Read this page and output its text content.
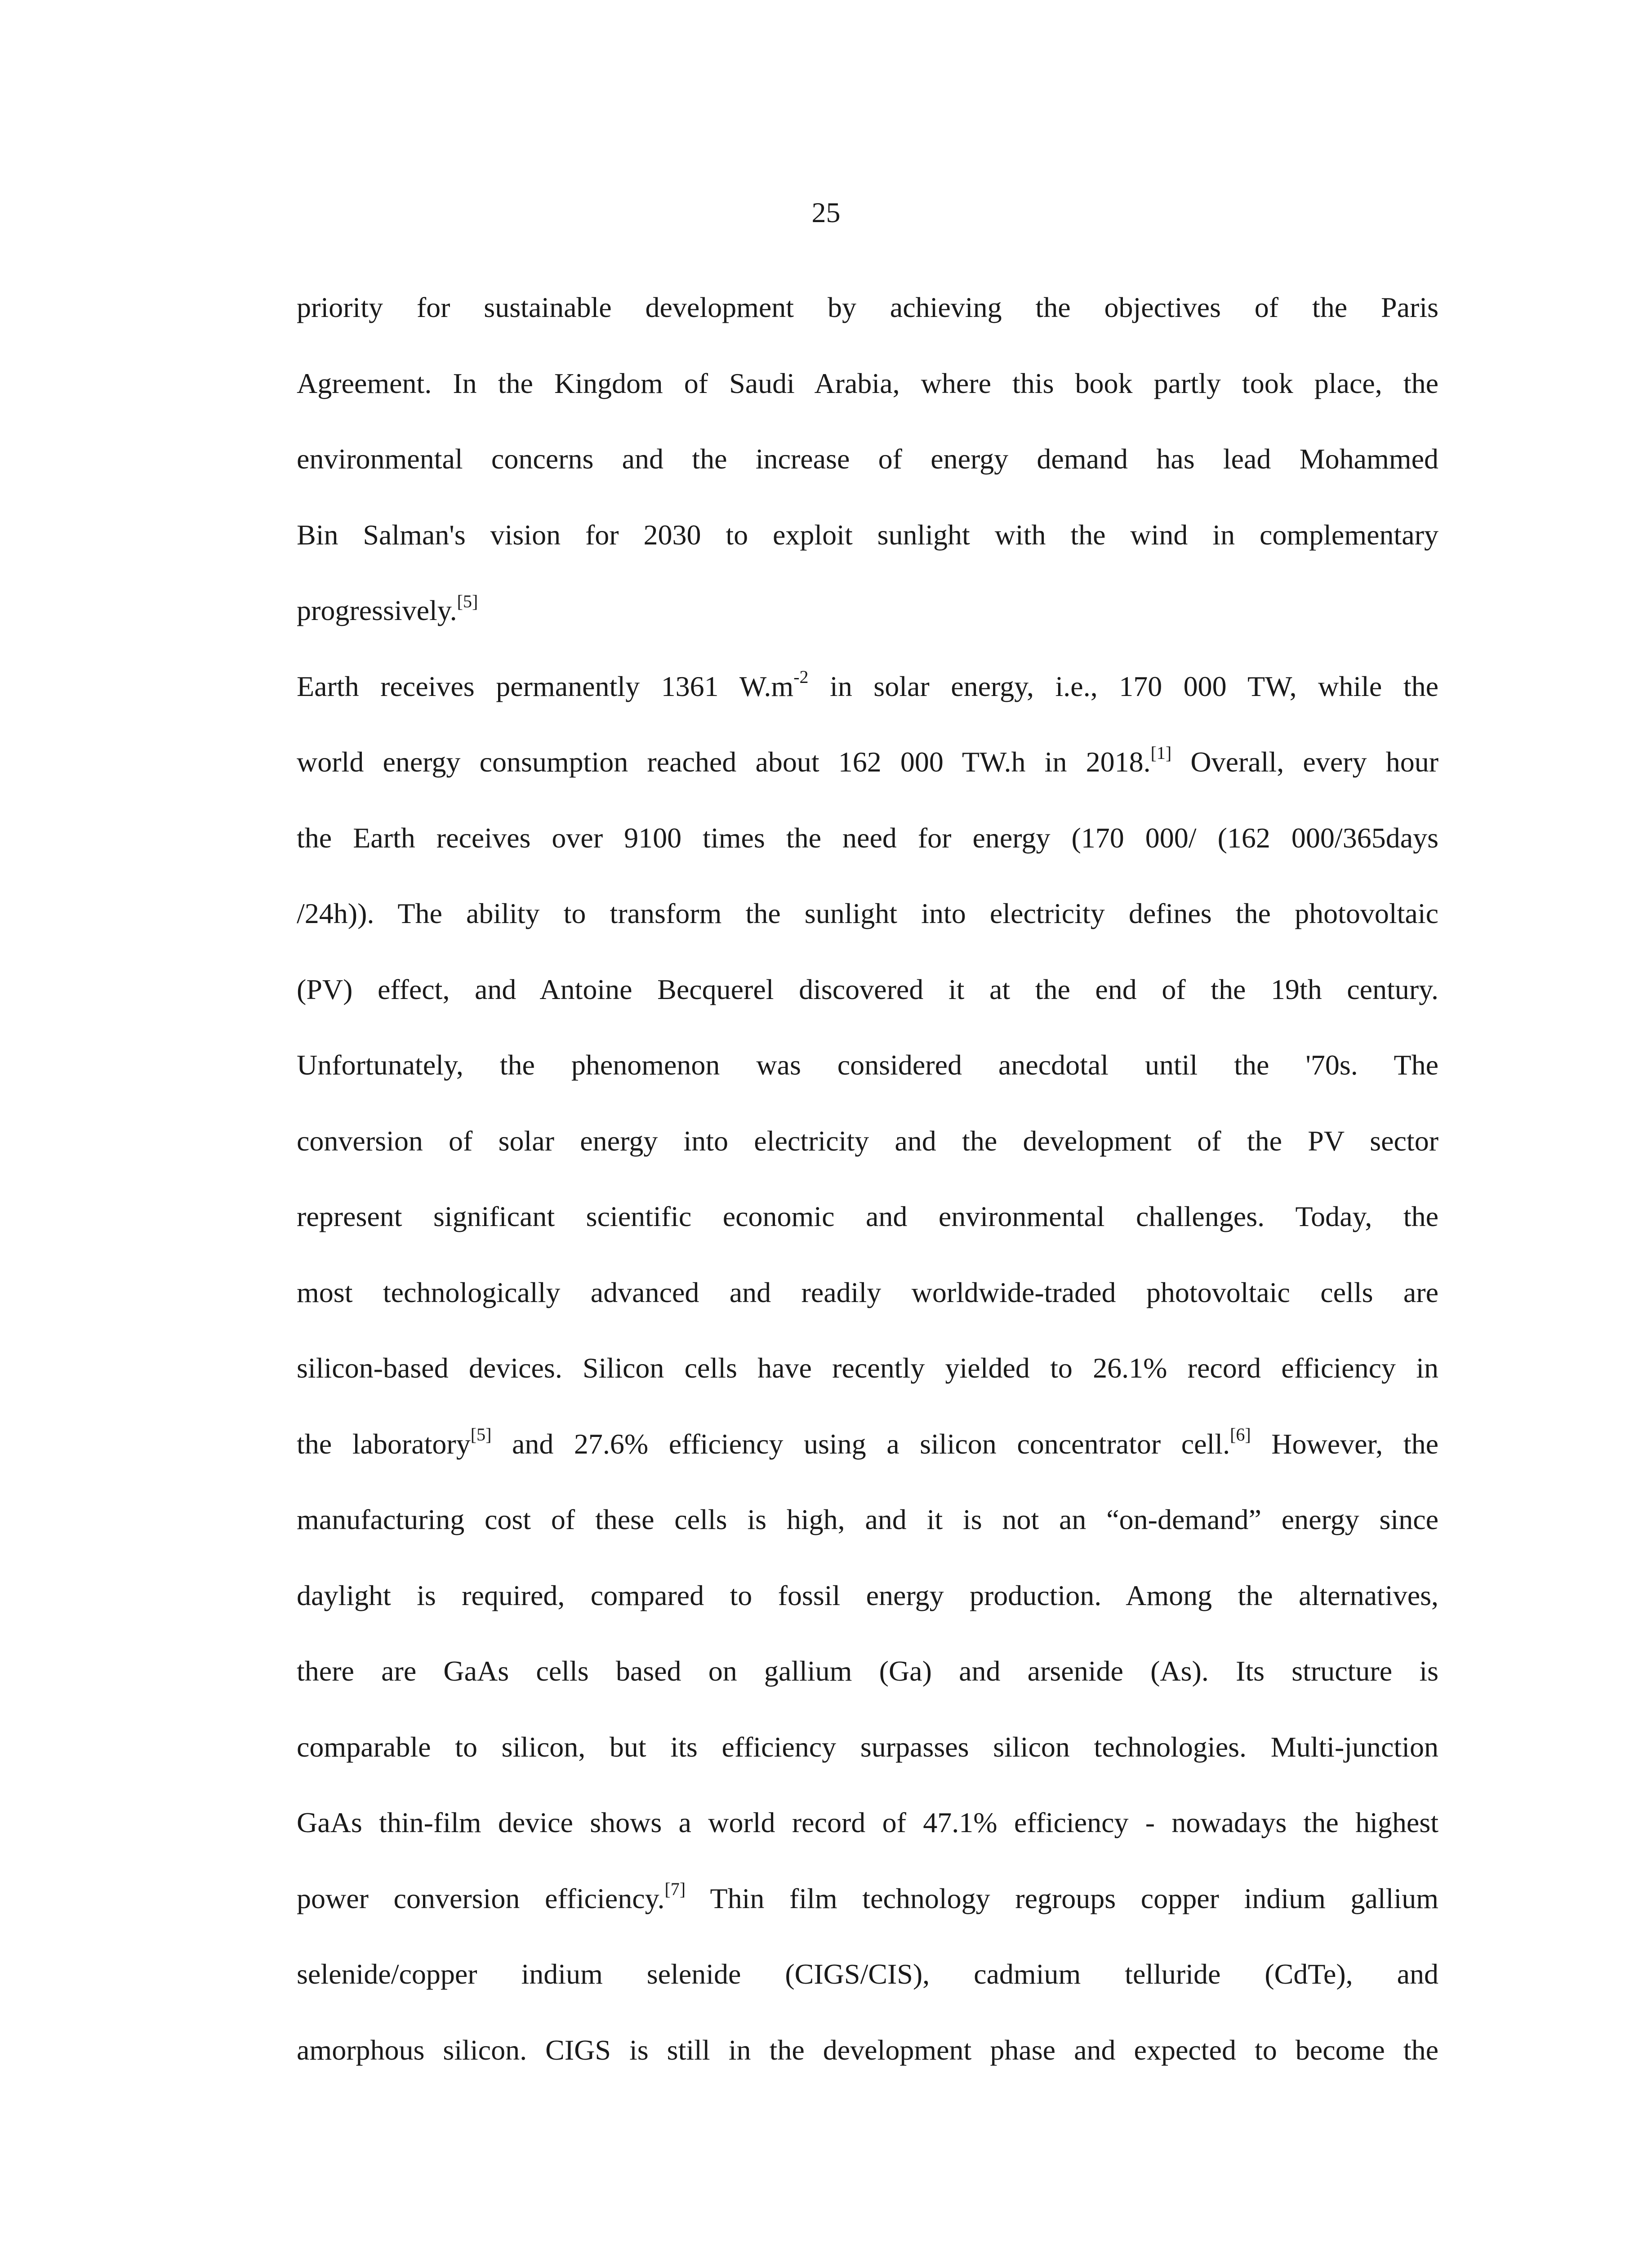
25

priority for sustainable development by achieving the objectives of the Paris
Agreement. In the Kingdom of Saudi Arabia, where this book partly took place, the
environmental concerns and the increase of energy demand has lead Mohammed
Bin Salman's vision for 2030 to exploit sunlight with the wind in complementary
progressively.[5]

Earth receives permanently 1361 $W.m^{-2}$ in solar energy, i.e., 170 000 TW, while the
world energy consumption reached about 162 000 TW.h in 2018.[1] Overall, every hour
the Earth receives over 9100 times the need for energy (170 000/ (162 000/365days
/24h)). The ability to transform the sunlight into electricity defines the photovoltaic
(PV) effect, and Antoine Becquerel discovered it at the end of the 19th century.
Unfortunately, the phenomenon was considered anecdotal until the '70s. The
conversion of solar energy into electricity and the development of the PV sector
represent significant scientific economic and environmental challenges. Today, the
most technologically advanced and readily worldwide-traded photovoltaic cells are
silicon-based devices. Silicon cells have recently yielded to 26.1% record efficiency in
the laboratory[5] and 27.6% efficiency using a silicon concentrator cell.[6] However, the
manufacturing cost of these cells is high, and it is not an “on-demand” energy since
daylight is required, compared to fossil energy production. Among the alternatives,
there are GaAs cells based on gallium (Ga) and arsenide (As). Its structure is
comparable to silicon, but its efficiency surpasses silicon technologies. Multi-junction
GaAs thin-film device shows a world record of 47.1% efficiency - nowadays the highest
power conversion efficiency.[7] Thin film technology regroups copper indium gallium
selenide/copper indium selenide (CIGS/CIS), cadmium telluride (CdTe), and
amorphous silicon. CIGS is still in the development phase and expected to become the
